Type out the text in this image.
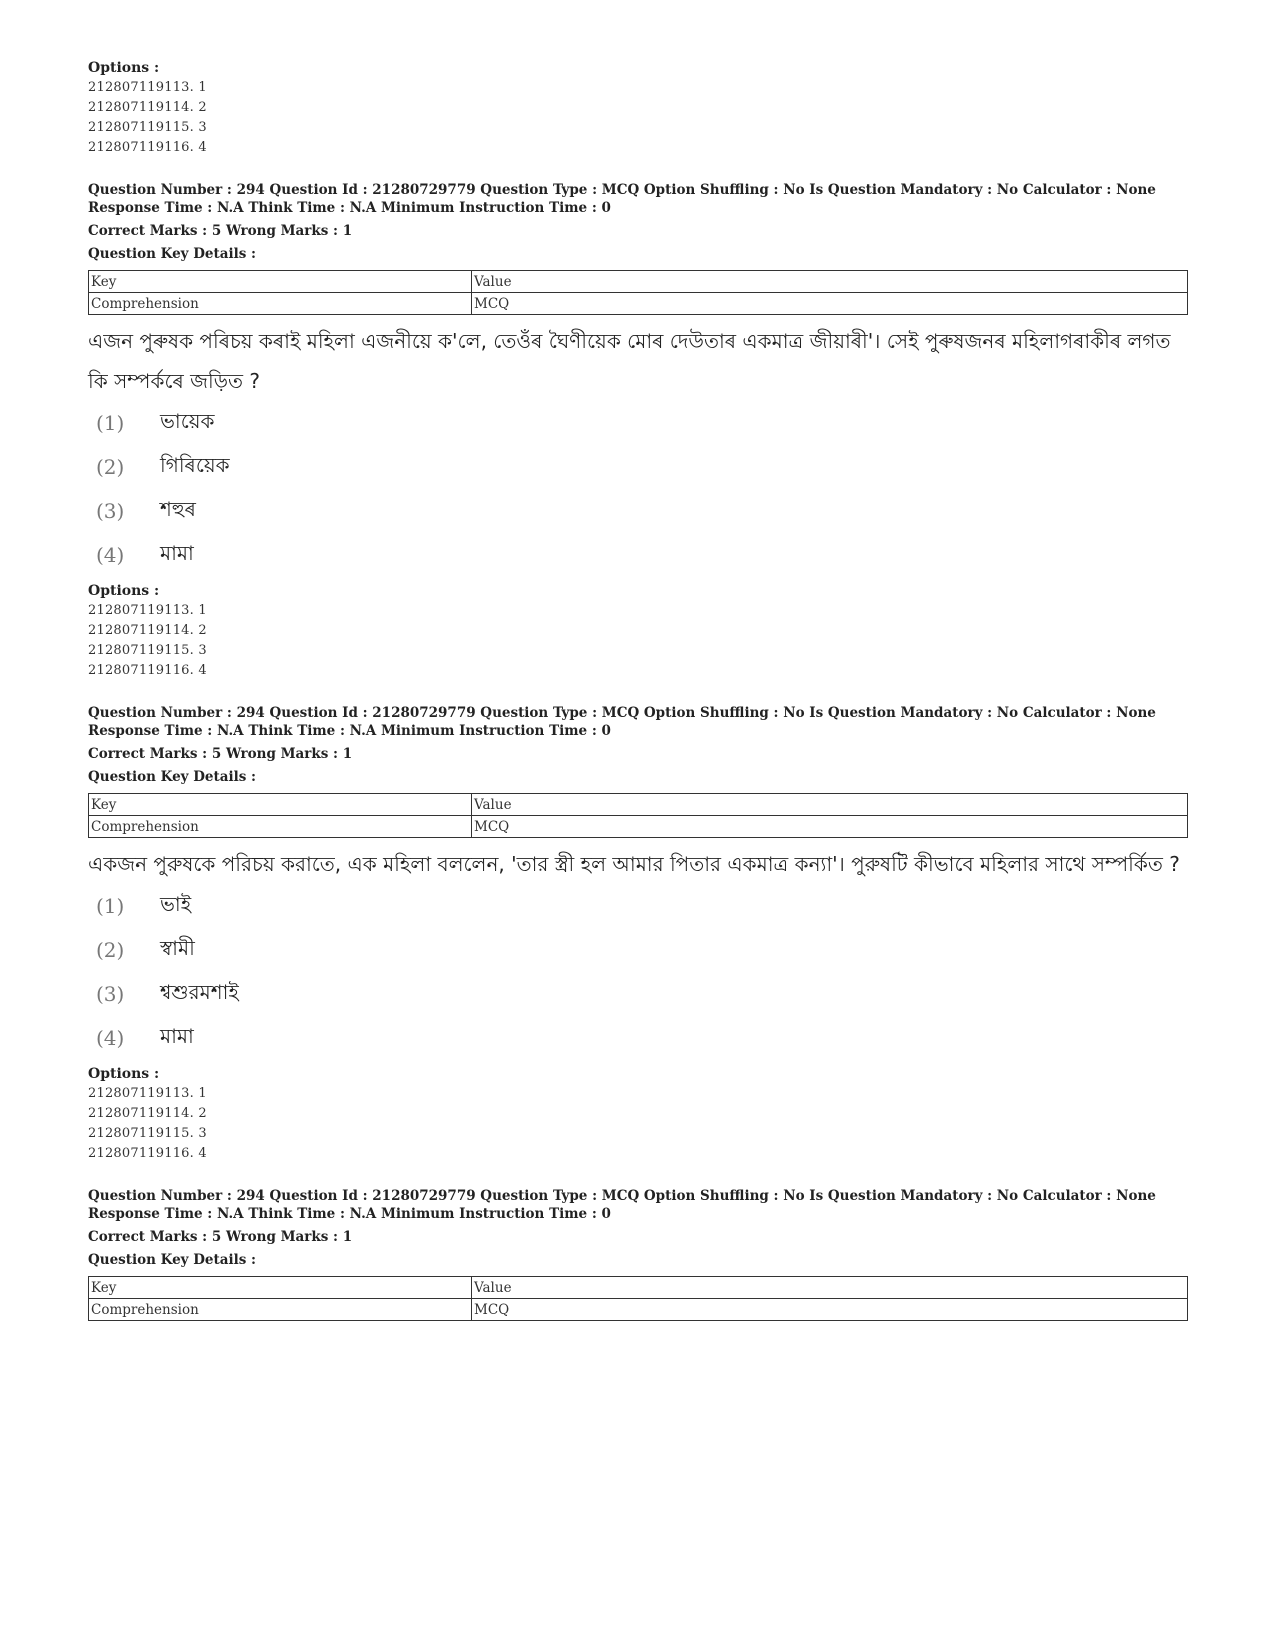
Options :
212807119113. 1
212807119114. 2
212807119115. 3
212807119116. 4
Question Number : 294 Question Id : 21280729779 Question Type : MCQ Option Shuffling : No Is Question Mandatory : No Calculator : None
Response Time : N.A Think Time : N.A Minimum Instruction Time : 0
Correct Marks : 5 Wrong Marks : 1
Question Key Details :
Key	Value
Comprehension	MCQ
এজন পুৰুষক পৰিচয় কৰাই মহিলা এজনীয়ে ক'লে, তেওঁৰ ঘৈণীয়েক মোৰ দেউতাৰ একমাত্ৰ জীয়াৰী'। সেই পুৰুষজনৰ মহিলাগৰাকীৰ লগত কি সম্পৰ্কৰে জড়িত ?
(1)	ভায়েক
(2)	গিৰিয়েক
(3)	শহুৰ
(4)	মামা
Options :
212807119113. 1
212807119114. 2
212807119115. 3
212807119116. 4
Question Number : 294 Question Id : 21280729779 Question Type : MCQ Option Shuffling : No Is Question Mandatory : No Calculator : None
Response Time : N.A Think Time : N.A Minimum Instruction Time : 0
Correct Marks : 5 Wrong Marks : 1
Question Key Details :
Key	Value
Comprehension	MCQ
একজন পুরুষকে পরিচয় করাতে, এক মহিলা বললেন, 'তার স্ত্রী হল আমার পিতার একমাত্র কন্যা'। পুরুষটি কীভাবে মহিলার সাথে সম্পর্কিত ?
(1)	ভাই
(2)	স্বামী
(3)	শ্বশুরমশাই
(4)	মামা
Options :
212807119113. 1
212807119114. 2
212807119115. 3
212807119116. 4
Question Number : 294 Question Id : 21280729779 Question Type : MCQ Option Shuffling : No Is Question Mandatory : No Calculator : None
Response Time : N.A Think Time : N.A Minimum Instruction Time : 0
Correct Marks : 5 Wrong Marks : 1
Question Key Details :
Key	Value
Comprehension	MCQ
